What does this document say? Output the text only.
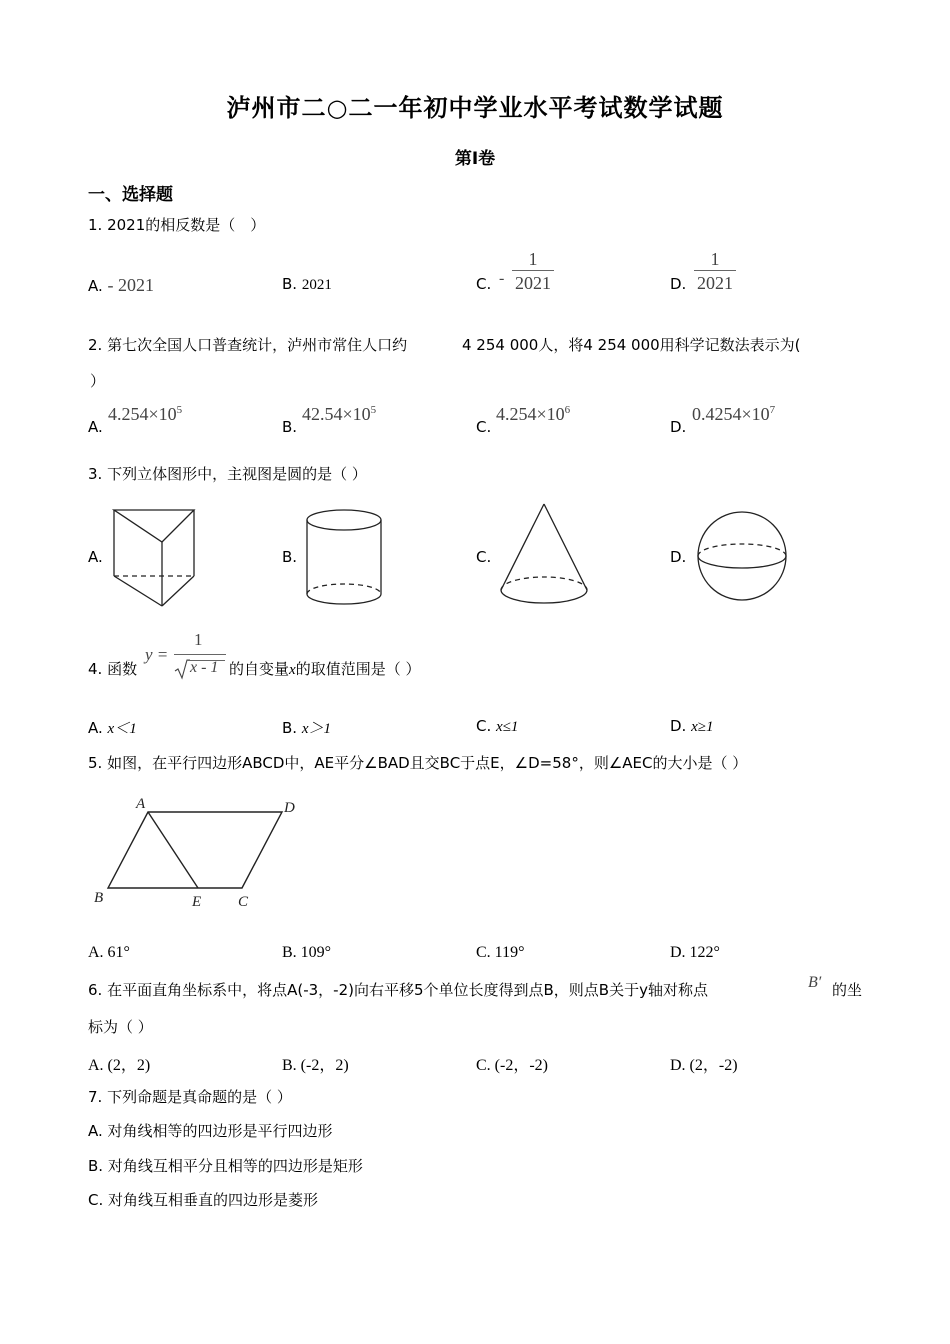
泸州市二○二一年初中学业水平考试数学试题
第Ⅰ卷
一、选择题
1. 2021的相反数是（　）
A. - 2021	B. 2021	C. -
1
2021	D.
1
2021
2. 第七次全国人口普查统计，泸州市常住人口约	4 254 000人，将4 254 000用科学记数法表示为(
）
A.
$4.254\times 10^5$
B.
$42.54\times 10^5$
C.
$4.254\times 10^6$
D.
$0.4254\times 10^7$
3. 下列立体图形中，主视图是圆的是（ ）
A.	B.	C.	D.
4. 函数
y =
1
x - 1 的自变量x的取值范围是（ ）
A. x＜1	B. x＞1	C. x≤1	D. x≥1
5. 如图，在平行四边形ABCD中，AE平分∠BAD且交BC于点E，∠D=58°，则∠AEC的大小是（ ）
A	D
B	E C
A. 61°	B. 109°	C. 119°	D. 122°
6. 在平面直角坐标系中，将点A(-3，-2)向右平移5个单位长度得到点B，则点B关于y轴对称点	B′ 的坐
标为（ ）
A. (2，2)	B. (-2，2)	C. (-2，-2)	D. (2，-2)
7. 下列命题是真命题的是（ ）
A. 对角线相等的四边形是平行四边形
B. 对角线互相平分且相等的四边形是矩形
C. 对角线互相垂直的四边形是菱形
